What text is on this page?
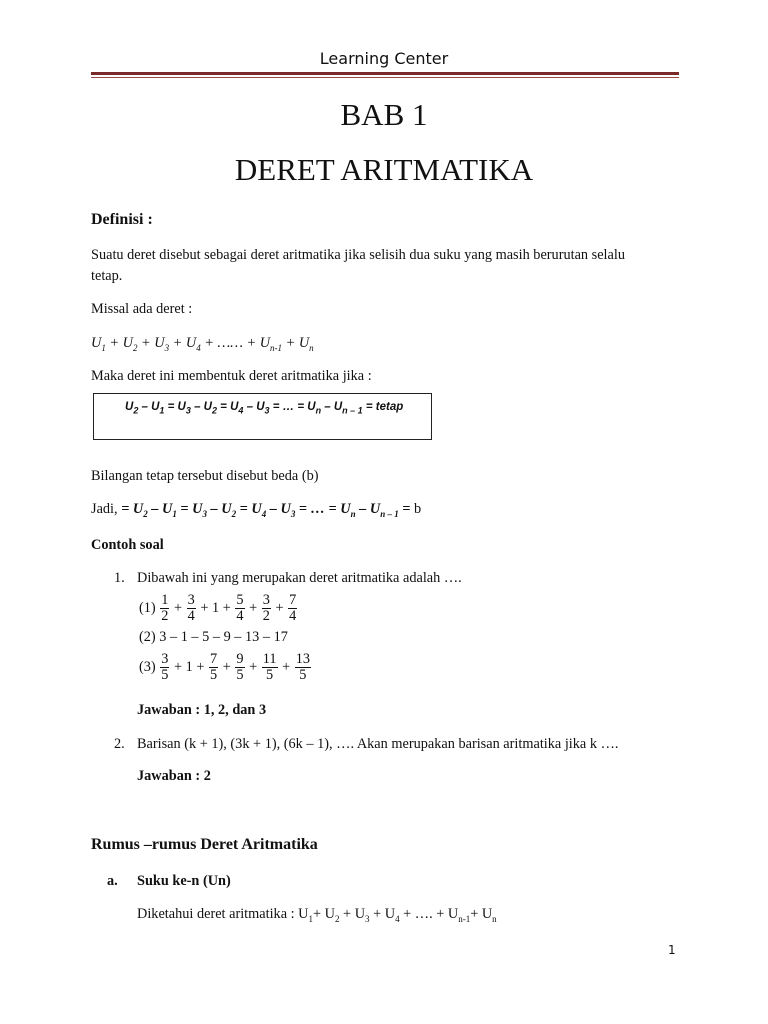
Learning Center
BAB 1
DERET ARITMATIKA
Definisi :
Suatu deret disebut sebagai deret aritmatika jika selisih dua suku yang masih berurutan selalu
tetap.
Missal ada deret :
$U_1 + U_2 + U_3 + U_4$ + …… + $U_{n-1} + U_n$
Maka deret ini membentuk deret aritmatika jika :
$U_2 - U_1 = U_3 - U_2 = U_4 - U_3$ = … = $U_n - U_{n - 1}$ = tetap
Bilangan tetap tersebut disebut beda (b)
Jadi, = $U_2 - U_1 = U_3 - U_2 = U_4 - U_3$ = … = $U_n - U_{n - 1} = b$
Contoh soal
1. Dibawah ini yang merupakan deret aritmatika adalah ….
(1)
$\frac{1}{2} + \frac{3}{4} + 1 + \frac{5}{4} + \frac{3}{2} + \frac{7}{4}$
(2) 3 – 1 – 5 – 9 – 13 – 17
(3)
$\frac{3}{5} + 1 + \frac{7}{5} + \frac{9}{5} + \frac{11}{5} + \frac{13}{5}$
Jawaban : 1, 2, dan 3
2. Barisan (k + 1), (3k + 1), (6k – 1), …. Akan merupakan barisan aritmatika jika k ….
Jawaban : 2
Rumus –rumus Deret Aritmatika
a. Suku ke-n (Un)
Diketahui deret aritmatika : $U_1+ U_2 + U_3 + U_4$ + …. + $U_{n-1}+ U_n$
1
